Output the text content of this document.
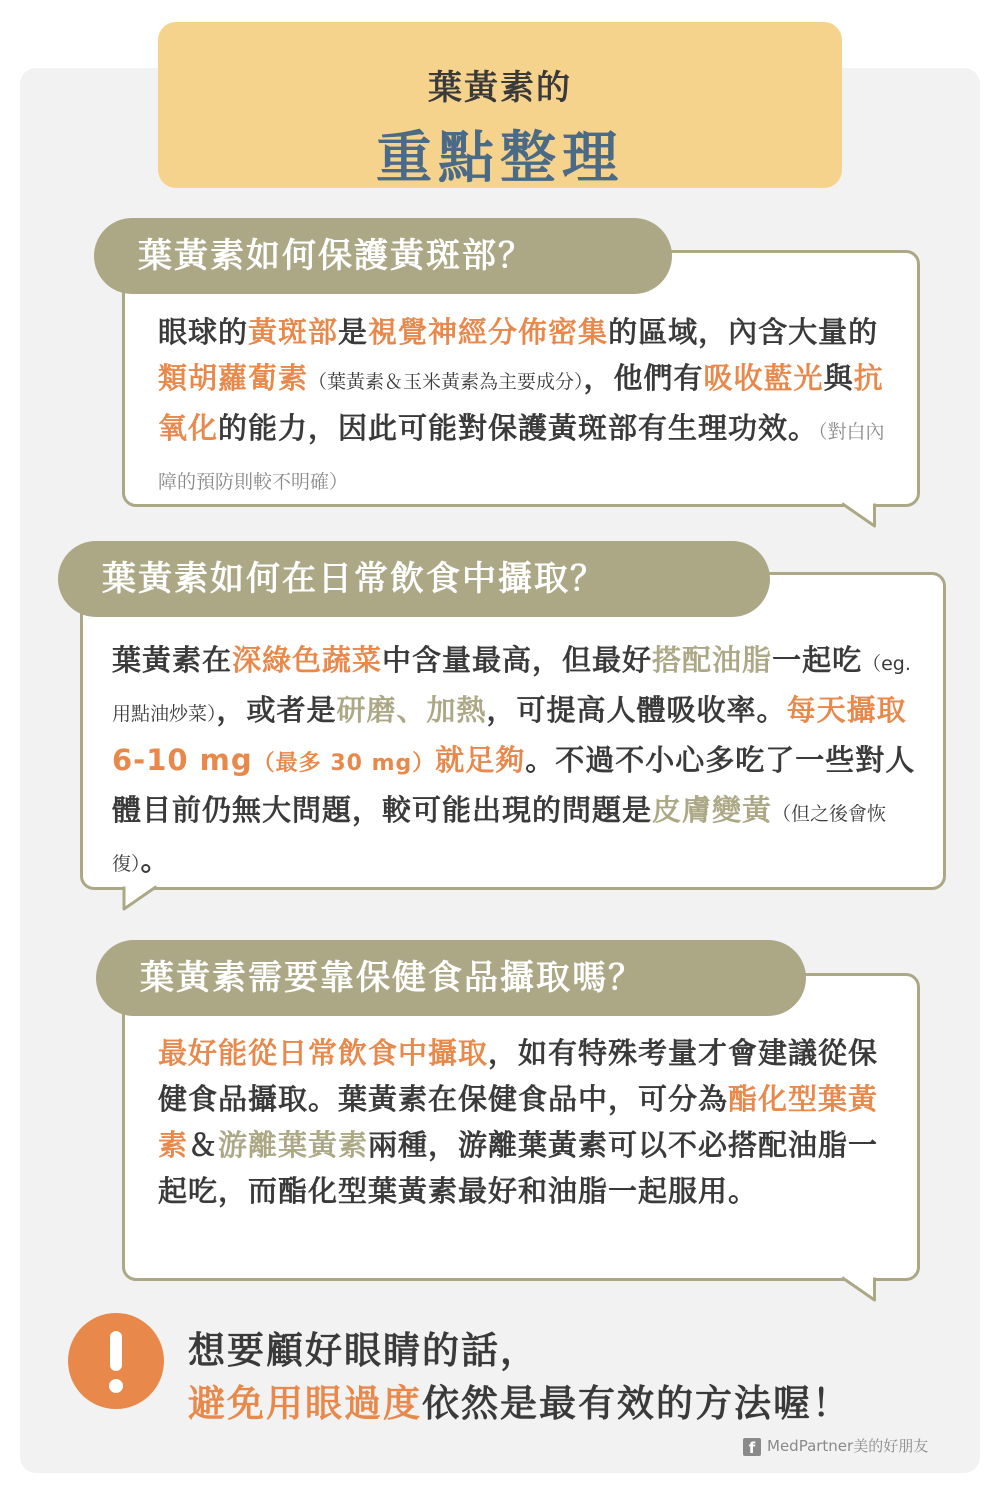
葉黃素的
重點整理
葉黃素如何保護黃斑部？
眼球的黃斑部是視覺神經分佈密集的區域，內含大量的類胡蘿蔔素（葉黃素＆玉米黃素為主要成分），他們有吸收藍光與抗氧化的能力，因此可能對保護黃斑部有生理功效。（對白內障的預防則較不明確）
葉黃素如何在日常飲食中攝取？
葉黃素在深綠色蔬菜中含量最高，但最好搭配油脂一起吃（eg. 用點油炒菜），或者是研磨、加熱，可提高人體吸收率。每天攝取 6-10 mg（最多 30 mg）就足夠。不過不小心多吃了一些對人體目前仍無大問題，較可能出現的問題是皮膚變黃（但之後會恢復）。
葉黃素需要靠保健食品攝取嗎？
最好能從日常飲食中攝取，如有特殊考量才會建議從保健食品攝取。葉黃素在保健食品中，可分為酯化型葉黃素＆游離葉黃素兩種，游離葉黃素可以不必搭配油脂一起吃，而酯化型葉黃素最好和油脂一起服用。
想要顧好眼睛的話，
避免用眼過度依然是最有效的方法喔！
f MedPartner美的好朋友
